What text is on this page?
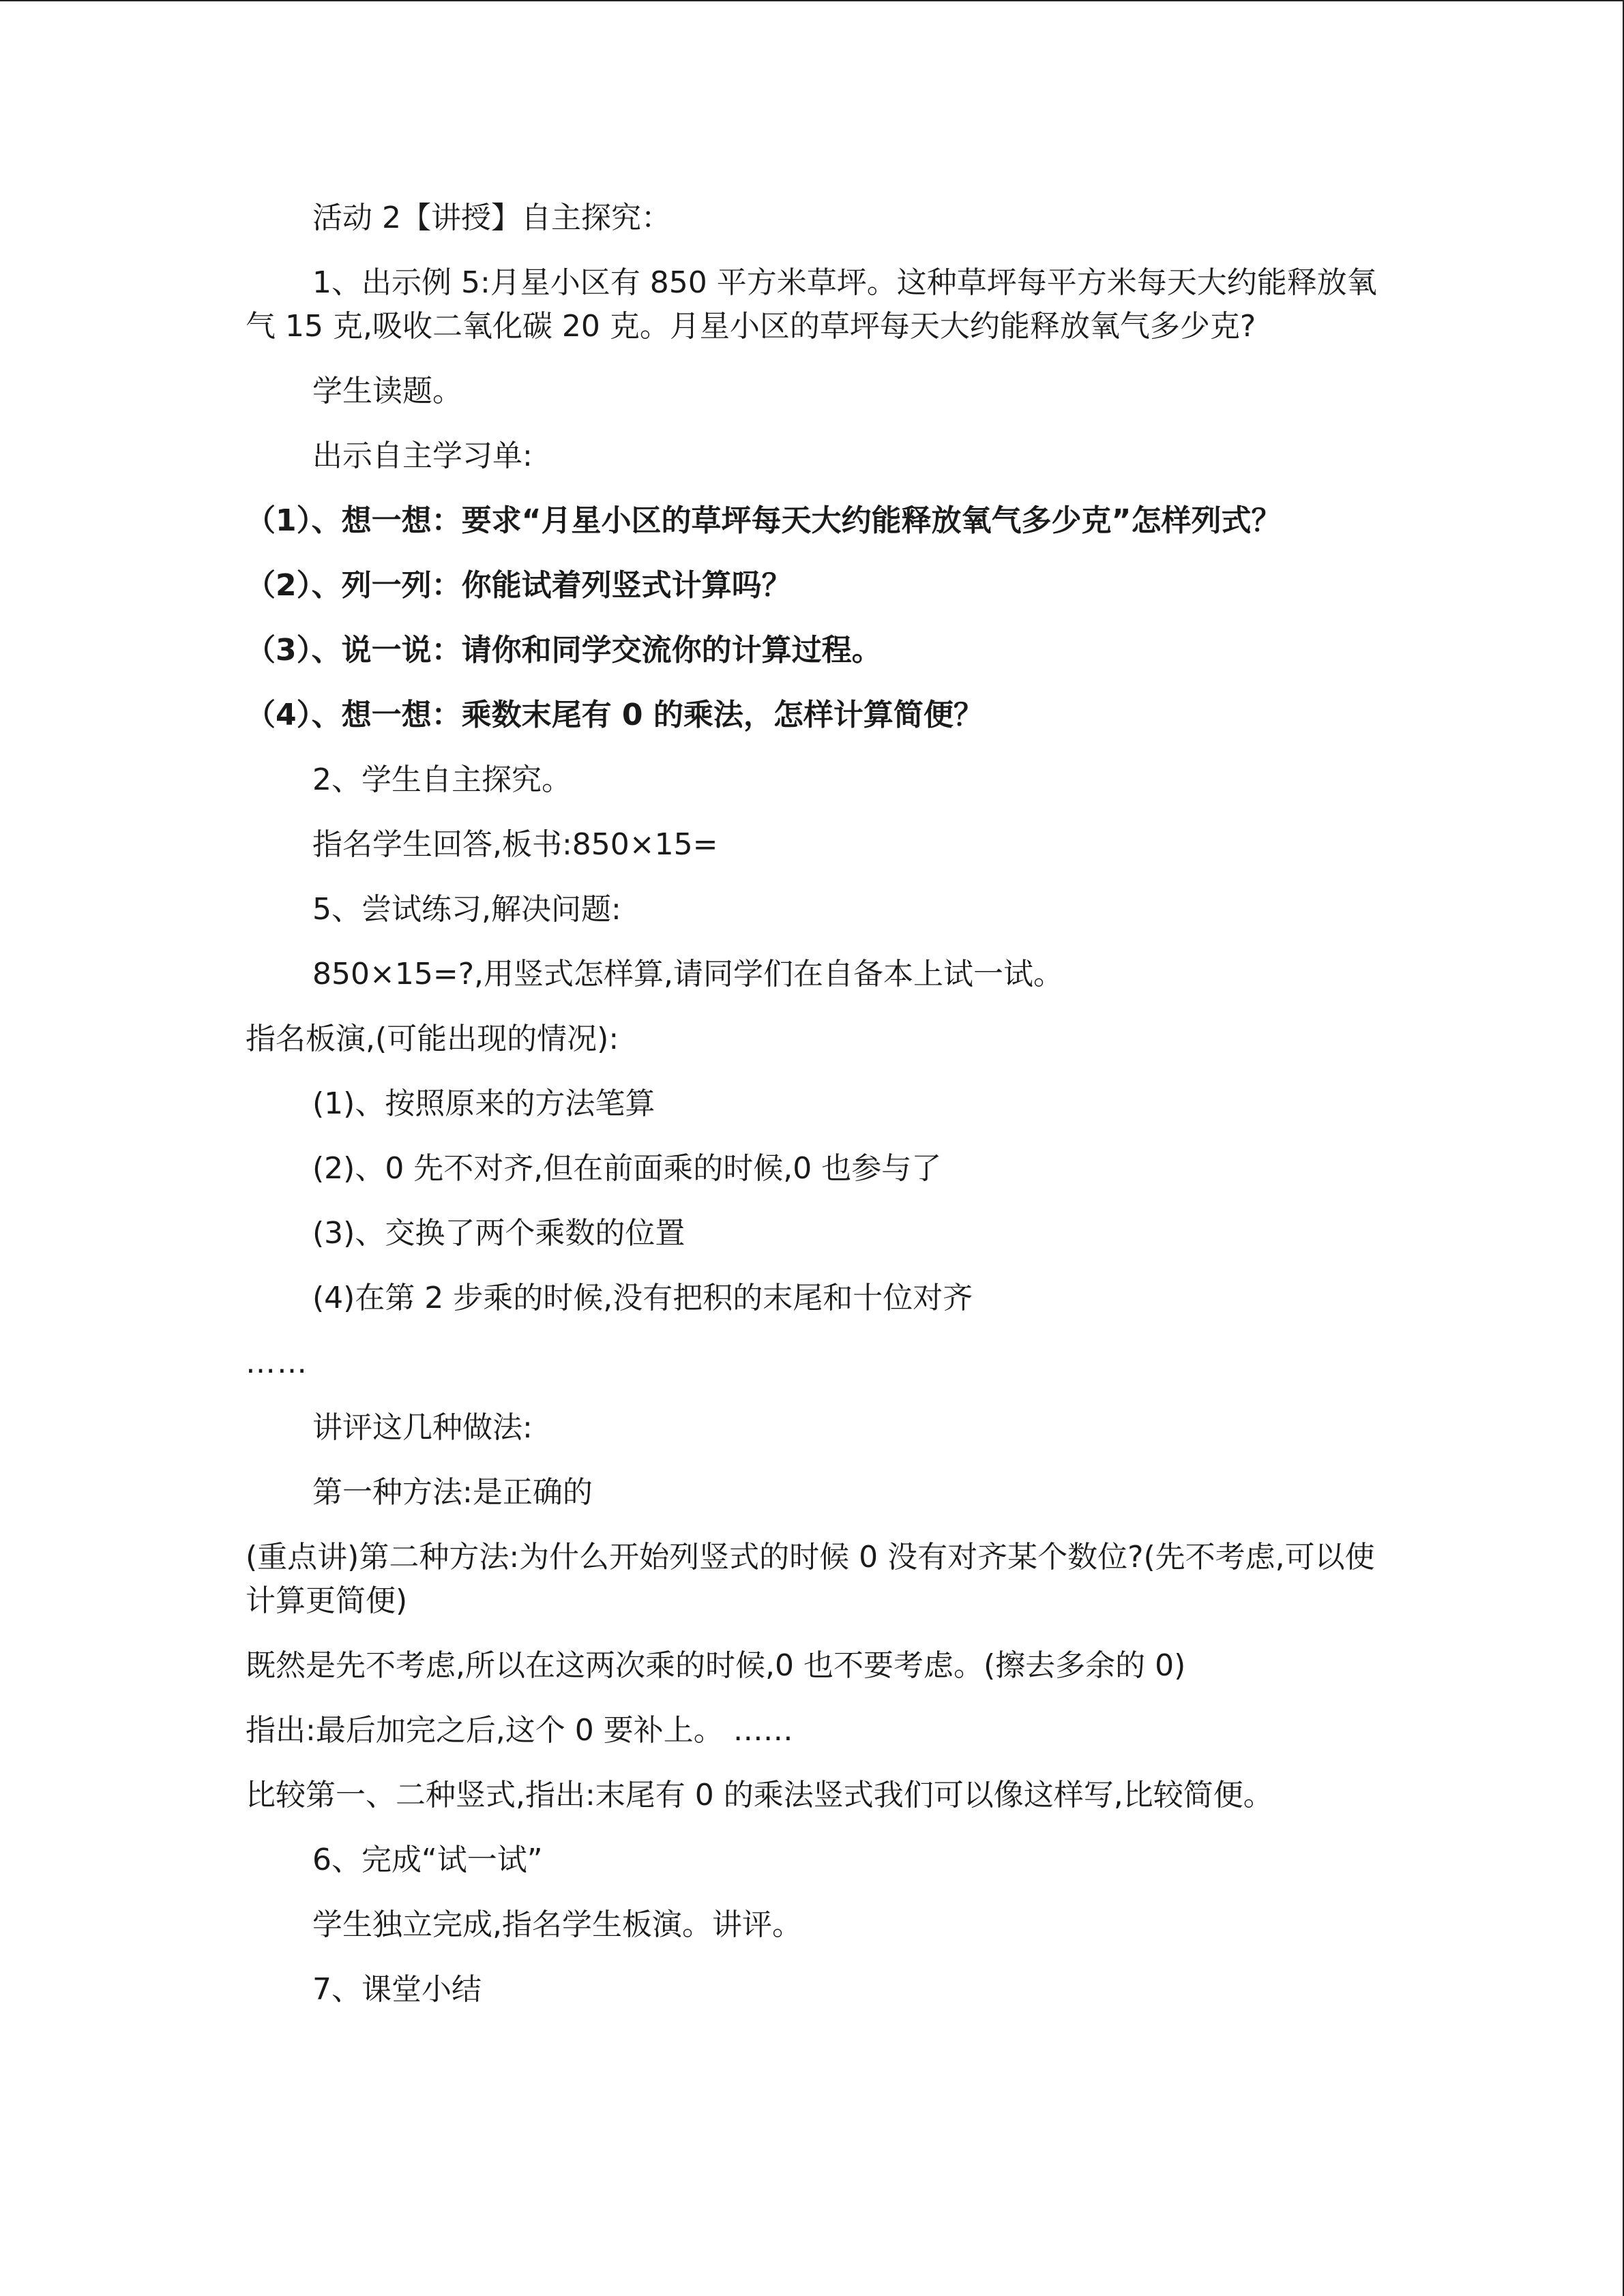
活动 2【讲授】自主探究：

1、出示例 5:月星小区有 850 平方米草坪。这种草坪每平方米每天大约能释放氧气 15 克,吸收二氧化碳 20 克。月星小区的草坪每天大约能释放氧气多少克?

学生读题。

出示自主学习单:

（1）、想一想：要求“月星小区的草坪每天大约能释放氧气多少克”怎样列式？

（2）、列一列：你能试着列竖式计算吗？

（3）、说一说：请你和同学交流你的计算过程。

（4）、想一想：乘数末尾有 0 的乘法，怎样计算简便？

2、学生自主探究。

指名学生回答,板书:850×15=

5、尝试练习,解决问题:

850×15=?,用竖式怎样算,请同学们在自备本上试一试。

指名板演,(可能出现的情况):

(1)、按照原来的方法笔算

(2)、0 先不对齐,但在前面乘的时候,0 也参与了

(3)、交换了两个乘数的位置

(4)在第 2 步乘的时候,没有把积的末尾和十位对齐

……

讲评这几种做法:

第一种方法:是正确的

(重点讲)第二种方法:为什么开始列竖式的时候 0 没有对齐某个数位?(先不考虑,可以使计算更简便)

既然是先不考虑,所以在这两次乘的时候,0 也不要考虑。(擦去多余的 0)

指出:最后加完之后,这个 0 要补上。 ……

比较第一、二种竖式,指出:末尾有 0 的乘法竖式我们可以像这样写,比较简便。

6、完成“试一试”

学生独立完成,指名学生板演。讲评。

7、课堂小结
